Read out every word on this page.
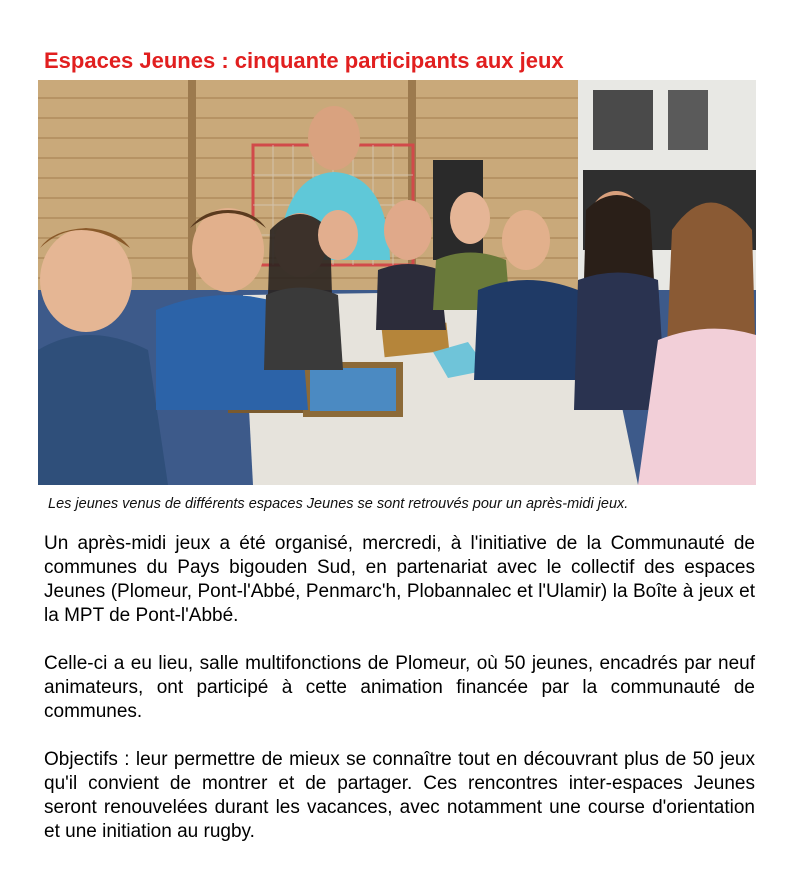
Espaces Jeunes : cinquante participants aux jeux

Les jeunes venus de différents espaces Jeunes se sont retrouvés pour un après-midi jeux.

Un après-midi jeux a été organisé, mercredi, à l'initiative de la Communauté de communes du Pays bigouden Sud, en partenariat avec le collectif des espaces Jeunes (Plomeur, Pont-l'Abbé, Penmarc'h, Plobannalec et l'Ulamir) la Boîte à jeux et la MPT de Pont-l'Abbé.

Celle-ci a eu lieu, salle multifonctions de Plomeur, où 50 jeunes, encadrés par neuf animateurs, ont participé à cette animation financée par la communauté de communes.

Objectifs : leur permettre de mieux se connaître tout en découvrant plus de 50 jeux qu'il convient de montrer et de partager. Ces rencontres inter-espaces Jeunes seront renouvelées durant les vacances, avec notamment une course d'orientation et une initiation au rugby.
